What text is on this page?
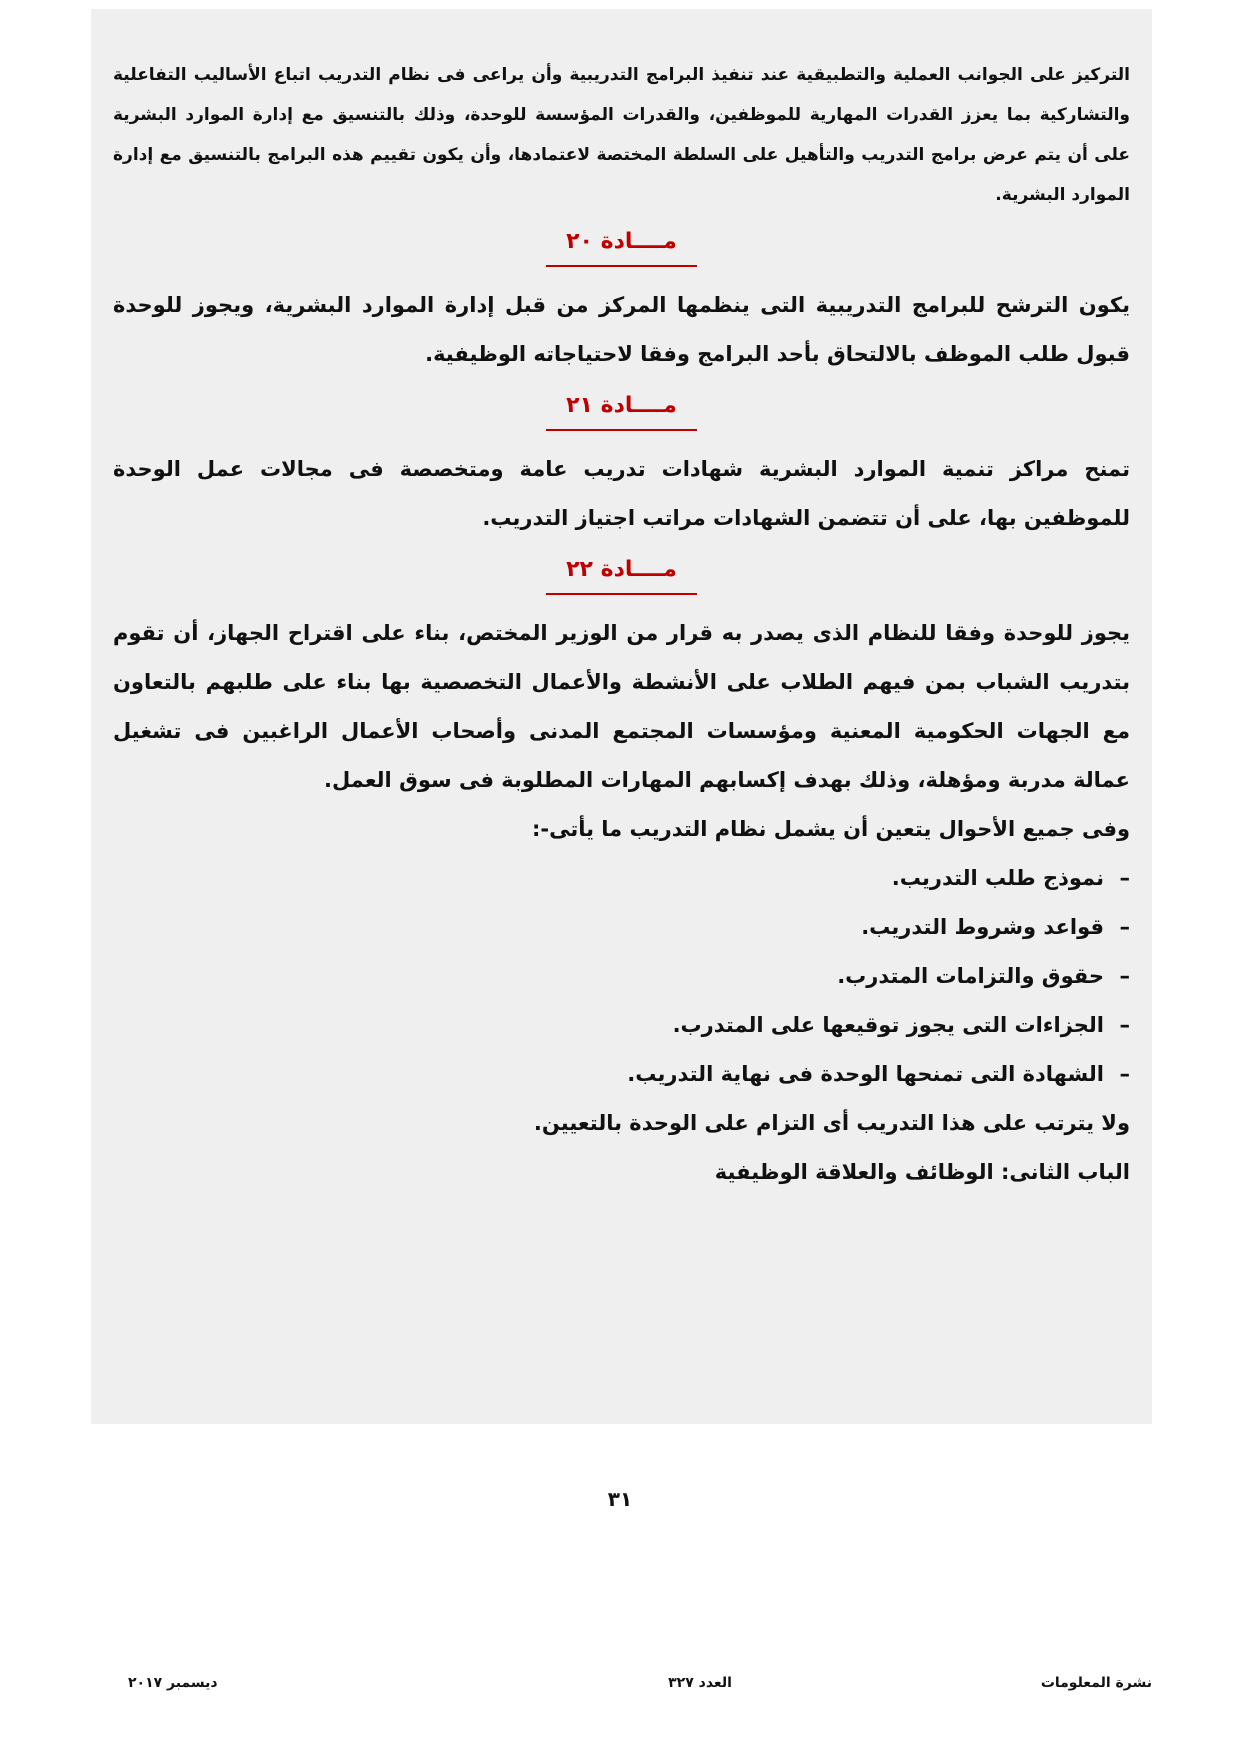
التركيز على الجوانب العملية والتطبيقية عند تنفيذ البرامج التدريبية وأن يراعى فى نظام التدريب اتباع الأساليب التفاعلية والتشاركية بما يعزز القدرات المهارية للموظفين، والقدرات المؤسسة للوحدة، وذلك بالتنسيق مع إدارة الموارد البشرية على أن يتم عرض برامج التدريب والتأهيل على السلطة المختصة لاعتمادها، وأن يكون تقييم هذه البرامج بالتنسيق مع إدارة الموارد البشرية.

مــــادة ٢٠

يكون الترشح للبرامج التدريبية التى ينظمها المركز من قبل إدارة الموارد البشرية، ويجوز للوحدة قبول طلب الموظف بالالتحاق بأحد البرامج وفقا لاحتياجاته الوظيفية.

مــــادة ٢١

تمنح مراكز تنمية الموارد البشرية شهادات تدريب عامة ومتخصصة فى مجالات عمل الوحدة للموظفين بها، على أن تتضمن الشهادات مراتب اجتياز التدريب.

مــــادة ٢٢

يجوز للوحدة وفقا للنظام الذى يصدر به قرار من الوزير المختص، بناء على اقتراح الجهاز، أن تقوم بتدريب الشباب بمن فيهم الطلاب على الأنشطة والأعمال التخصصية بها بناء على طلبهم بالتعاون مع الجهات الحكومية المعنية ومؤسسات المجتمع المدنى وأصحاب الأعمال الراغبين فى تشغيل عمالة مدربة ومؤهلة، وذلك بهدف إكسابهم المهارات المطلوبة فى سوق العمل.

وفى جميع الأحوال يتعين أن يشمل نظام التدريب ما يأتى-:

–نموذج طلب التدريب.
–قواعد وشروط التدريب.
–حقوق والتزامات المتدرب.
–الجزاءات التى يجوز توقيعها على المتدرب.
–الشهادة التى تمنحها الوحدة فى نهاية التدريب.

ولا يترتب على هذا التدريب أى التزام على الوحدة بالتعيين.

الباب الثانى: الوظائف والعلاقة الوظيفية

٣١
نشرة المعلومات
العدد ٣٢٧
ديسمبر ٢٠١٧
